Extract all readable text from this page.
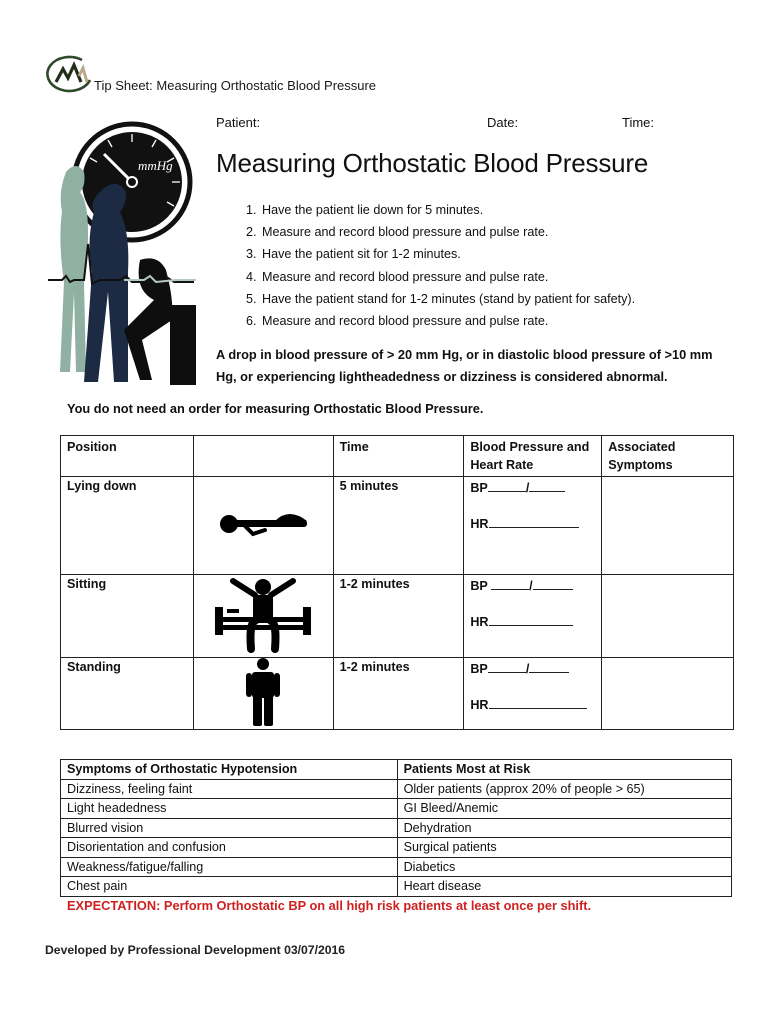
Tip Sheet: Measuring Orthostatic Blood Pressure
mmHg
Patient:	Date:	Time:
Measuring Orthostatic Blood Pressure
1. Have the patient lie down for 5 minutes.
2. Measure and record blood pressure and pulse rate.
3. Have the patient sit for 1-2 minutes.
4. Measure and record blood pressure and pulse rate.
5. Have the patient stand for 1-2 minutes (stand by patient for safety).
6. Measure and record blood pressure and pulse rate.
A drop in blood pressure of > 20 mm Hg, or in diastolic blood pressure of >10 mm Hg, or experiencing lightheadedness or dizziness is considered abnormal.
You do not need an order for measuring Orthostatic Blood Pressure.
Position		Time	Blood Pressure and Heart Rate	Associated Symptoms
Lying down		5 minutes	BP /
HR	

Sitting		1-2 minutes	BP /
HR	

Standing		1-2 minutes	BP /
HR	

Symptoms of Orthostatic Hypotension	Patients Most at Risk
Dizziness, feeling faint	Older patients (approx 20% of people > 65)
Light headedness	GI Bleed/Anemic
Blurred vision	Dehydration
Disorientation and confusion	Surgical patients
Weakness/fatigue/falling	Diabetics
Chest pain	Heart disease
EXPECTATION: Perform Orthostatic BP on all high risk patients at least once per shift.
Developed by Professional Development 03/07/2016
